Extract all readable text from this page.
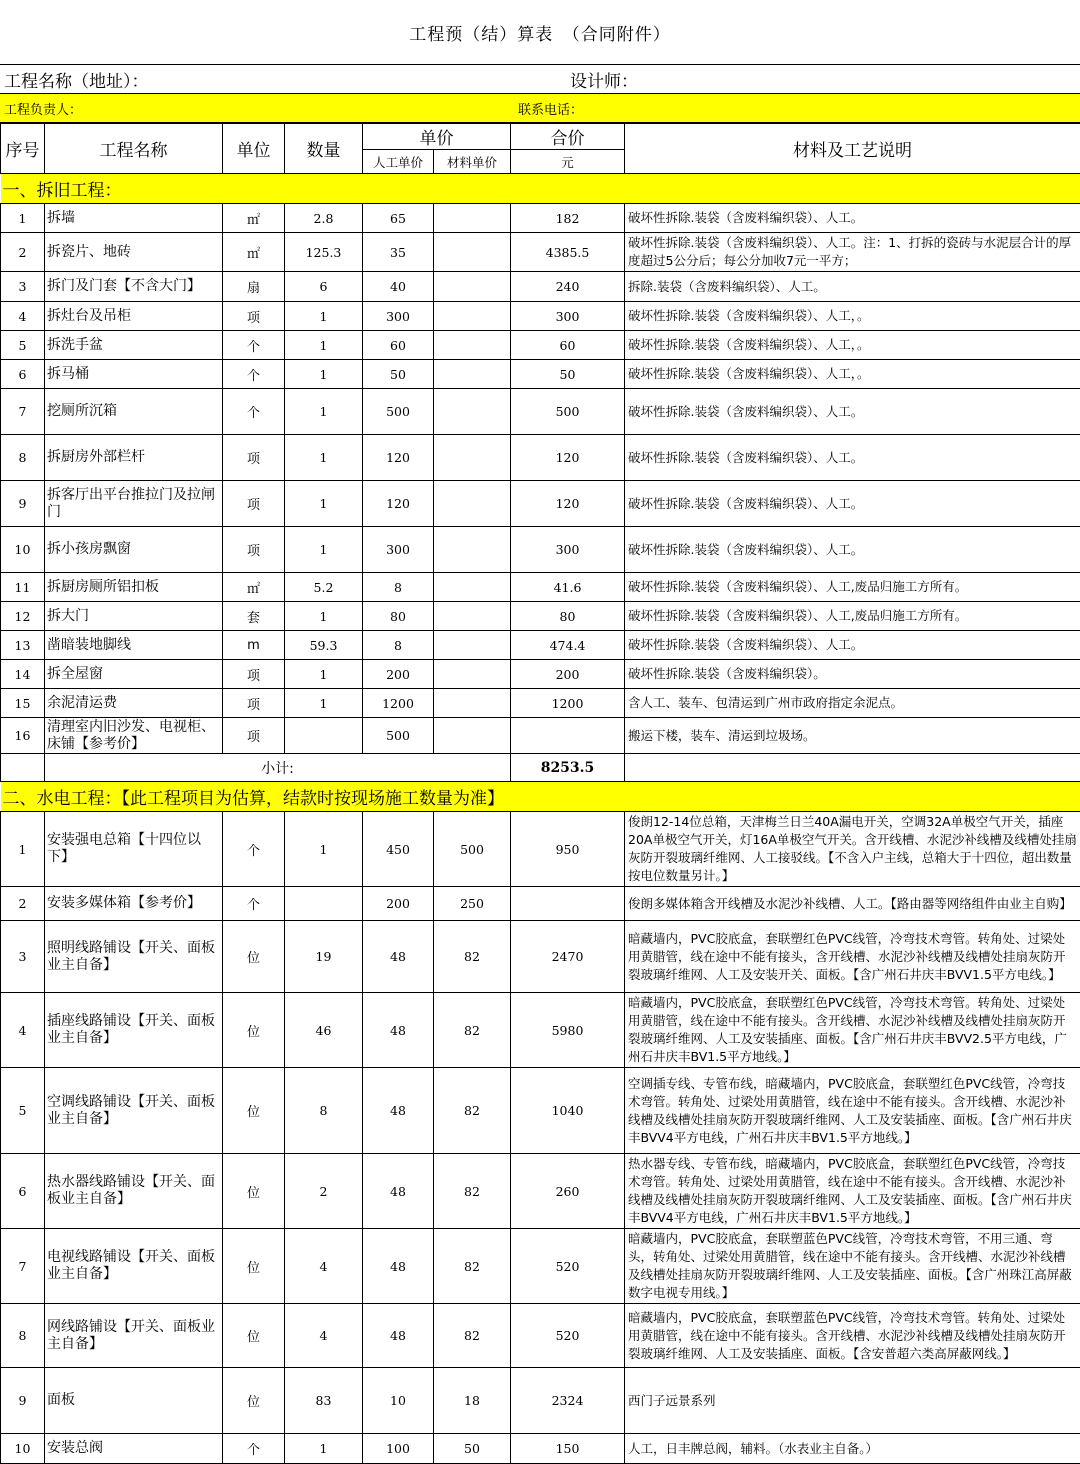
工程预（结）算表　（合同附件）
工程名称（地址）：	设计师：
工程负责人：	联系电话：
序号	工程名称	单位	数量	单价		合价	材料及工艺说明
				人工单价	材料单价	元	
一、拆旧工程：							
1	拆墙	㎡	2.8	65		182	破坏性拆除.装袋（含废料编织袋）、人工。
2	拆瓷片、地砖	㎡	125.3	35		4385.5	破坏性拆除.装袋（含废料编织袋）、人工。注：1、打拆的瓷砖与水泥层合计的厚度超过5公分后；每公分加收7元一平方；
3	拆门及门套【不含大门】	扇	6	40		240	拆除.装袋（含废料编织袋）、人工。
4	拆灶台及吊柜	项	1	300		300	破坏性拆除.装袋（含废料编织袋）、人工，。
5	拆洗手盆	个	1	60		60	破坏性拆除.装袋（含废料编织袋）、人工，。
6	拆马桶	个	1	50		50	破坏性拆除.装袋（含废料编织袋）、人工，。
7	挖厕所沉箱	个	1	500		500	破坏性拆除.装袋（含废料编织袋）、人工。
8	拆厨房外部栏杆	项	1	120		120	破坏性拆除.装袋（含废料编织袋）、人工。
9	拆客厅出平台推拉门及拉闸门	项	1	120		120	破坏性拆除.装袋（含废料编织袋）、人工。
10	拆小孩房飘窗	项	1	300		300	破坏性拆除.装袋（含废料编织袋）、人工。
11	拆厨房厕所铝扣板	㎡	5.2	8		41.6	破坏性拆除.装袋（含废料编织袋）、人工,废品归施工方所有。
12	拆大门	套	1	80		80	破坏性拆除.装袋（含废料编织袋）、人工,废品归施工方所有。
13	凿暗装地脚线	m	59.3	8		474.4	破坏性拆除.装袋（含废料编织袋）、人工。
14	拆全屋窗	项	1	200		200	破坏性拆除.装袋（含废料编织袋）。
15	余泥清运费	项	1	1200		1200	含人工、装车、包清运到广州市政府指定余泥点。
16	清理室内旧沙发、电视柜、床铺【参考价】	项		500			搬运下楼，装车、清运到垃圾场。
	小计:					8253.5	
二、水电工程：【此工程项目为估算，结款时按现场施工数量为准】							
1	安装强电总箱【十四位以下】	个	1	450	500	950	俊朗12-14位总箱，天津梅兰日兰40A漏电开关，空调32A单极空气开关，插座20A单极空气开关，灯16A单极空气开关。含开线槽、水泥沙补线槽及线槽处挂扇灰防开裂玻璃纤维网、人工接驳线。【不含入户主线，总箱大于十四位，超出数量按电位数量另计。】
2	安装多媒体箱【参考价】	个		200	250		俊朗多媒体箱含开线槽及水泥沙补线槽、人工。【路由器等网络组件由业主自购】
3	照明线路铺设【开关、面板业主自备】	位	19	48	82	2470	暗藏墙内，PVC胶底盒，套联塑红色PVC线管，冷弯技术弯管。转角处、过梁处用黄腊管，线在途中不能有接头，含开线槽、水泥沙补线槽及线槽处挂扇灰防开裂玻璃纤维网、人工及安装开关、面板。【含广州石井庆丰BVV1.5平方电线。】
4	插座线路铺设【开关、面板业主自备】	位	46	48	82	5980	暗藏墙内，PVC胶底盒，套联塑红色PVC线管，冷弯技术弯管。转角处、过梁处用黄腊管，线在途中不能有接头。含开线槽、水泥沙补线槽及线槽处挂扇灰防开裂玻璃纤维网、人工及安装插座、面板。【含广州石井庆丰BVV2.5平方电线，广州石井庆丰BV1.5平方地线。】
5	空调线路铺设【开关、面板业主自备】	位	8	48	82	1040	空调插专线、专管布线，暗藏墙内，PVC胶底盒，套联塑红色PVC线管，冷弯技术弯管。转角处、过梁处用黄腊管，线在途中不能有接头。含开线槽、水泥沙补线槽及线槽处挂扇灰防开裂玻璃纤维网、人工及安装插座、面板。【含广州石井庆丰BVV4平方电线，广州石井庆丰BV1.5平方地线。】
6	热水器线路铺设【开关、面板业主自备】	位	2	48	82	260	热水器专线、专管布线，暗藏墙内，PVC胶底盒，套联塑红色PVC线管，冷弯技术弯管。转角处、过梁处用黄腊管，线在途中不能有接头。含开线槽、水泥沙补线槽及线槽处挂扇灰防开裂玻璃纤维网、人工及安装插座、面板。【含广州石井庆丰BVV4平方电线，广州石井庆丰BV1.5平方地线。】
7	电视线路铺设【开关、面板业主自备】	位	4	48	82	520	暗藏墙内，PVC胶底盒，套联塑蓝色PVC线管，冷弯技术弯管，不用三通、弯头，转角处、过梁处用黄腊管，线在途中不能有接头。含开线槽、水泥沙补线槽及线槽处挂扇灰防开裂玻璃纤维网、人工及安装插座、面板。【含广州珠江高屏蔽数字电视专用线。】
8	网线路铺设【开关、面板业主自备】	位	4	48	82	520	暗藏墙内，PVC胶底盒，套联塑蓝色PVC线管，冷弯技术弯管。转角处、过梁处用黄腊管，线在途中不能有接头。含开线槽、水泥沙补线槽及线槽处挂扇灰防开裂玻璃纤维网、人工及安装插座、面板。【含安普超六类高屏蔽网线。】
9	面板	位	83	10	18	2324	西门子远景系列
10	安装总阀	个	1	100	50	150	人工，日丰牌总阀，辅料。（水表业主自备。）
